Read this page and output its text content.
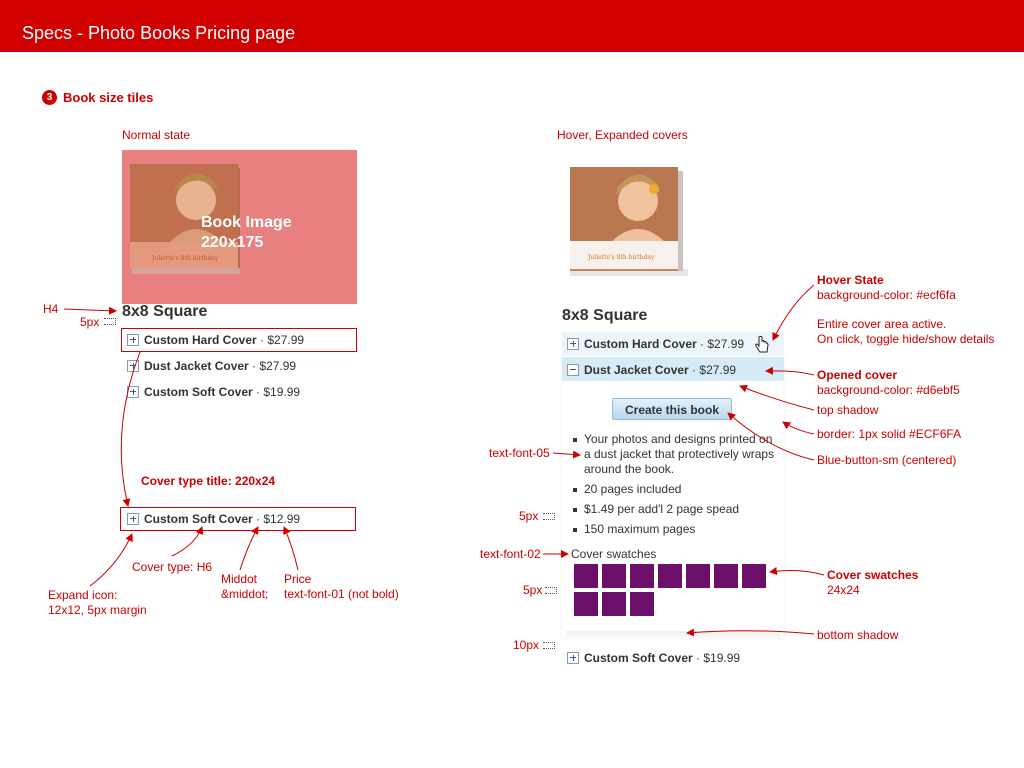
Specs - Photo Books Pricing page
3 Book size tiles
Normal state	Hover, Expanded covers
Juliette's 8th birthday
Book Image
220x175
8x8 Square
Custom Hard Cover · $27.99
Dust Jacket Cover · $27.99
Custom Soft Cover · $19.99
Custom Soft Cover · $12.99
H4
5px
Cover type title: 220x24
Cover type: H6
Expand icon:
12x12, 5px margin
Middot
&middot;
Price
text-font-01 (not bold)
Juliette's 8th birthday
8x8 Square
Custom Hard Cover · $27.99
Dust Jacket Cover · $27.99
Create this book
Your photos and designs printed on a dust jacket that protectively wraps around the book.
20 pages included
$1.49 per add'l 2 page spead
150 maximum pages
Cover swatches
Custom Soft Cover · $19.99
Hover State
background-color: #ecf6fa
Entire cover area active.
On click, toggle hide/show details
Opened cover
background-color: #d6ebf5
top shadow
border: 1px solid #ECF6FA
Blue-button-sm (centered)
text-font-05
5px
text-font-02
5px
Cover swatches
24x24
10px
bottom shadow
